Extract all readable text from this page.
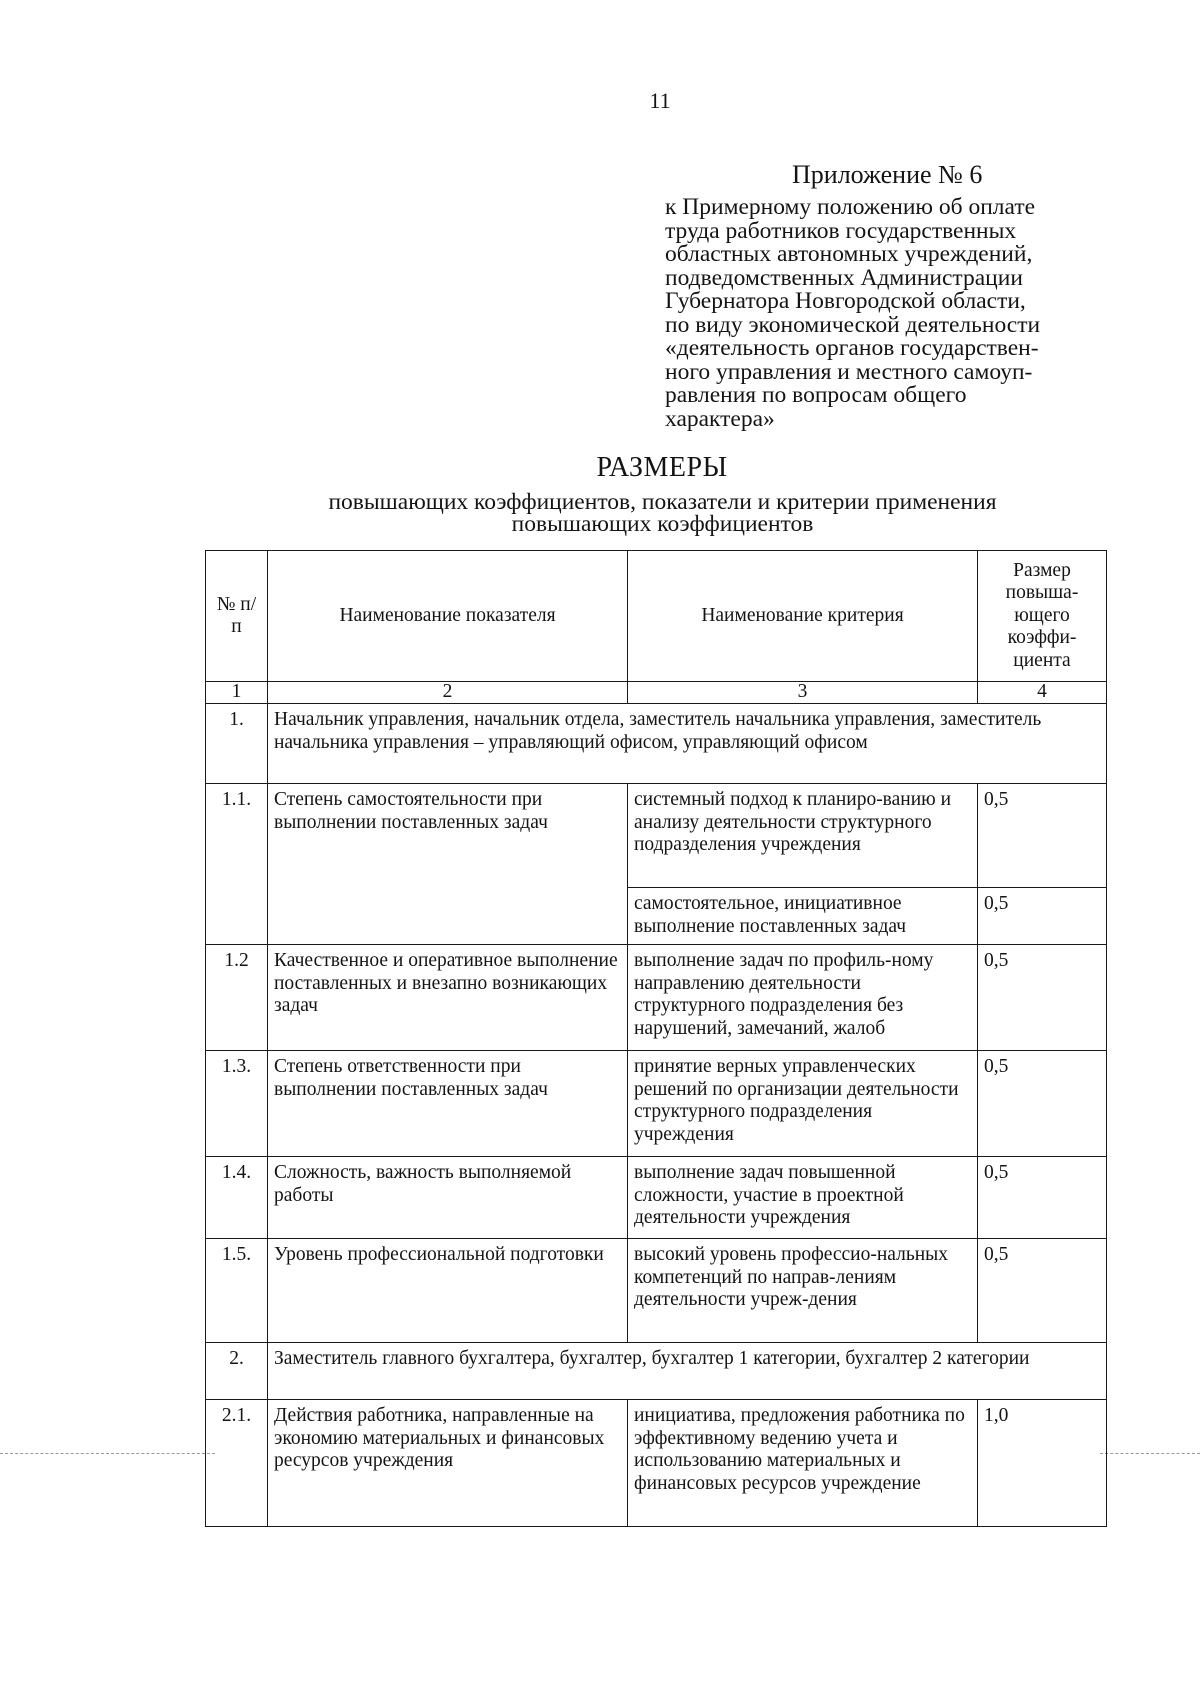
11
Приложение № 6
к Примерному положению об оплате
труда работников государственных
областных автономных учреждений,
подведомственных Администрации
Губернатора Новгородской области,
по виду экономической деятельности
«деятельность органов государствен-
ного управления и местного самоуп-
равления по вопросам общего
характера»
РАЗМЕРЫ
повышающих коэффициентов, показатели и критерии применения повышающих коэффициентов
№ п/п	Наименование показателя	Наименование критерия	Размер повыша-ющего коэффи-циента
1	2	3	4
1.	Начальник управления, начальник отдела, заместитель начальника управления, заместитель начальника управления – управляющий офисом, управляющий офисом		
1.1.	Степень самостоятельности при выполнении поставленных задач	системный подход к планиро-ванию и анализу деятельности структурного подразделения учреждения	0,5
		самостоятельное, инициативное выполнение поставленных задач	0,5
1.2	Качественное и оперативное выполнение поставленных и внезапно возникающих задач	выполнение задач по профиль-ному направлению деятельности структурного подразделения без нарушений, замечаний, жалоб	0,5
1.3.	Степень ответственности при выполнении поставленных задач	принятие верных управленческих решений по организации деятельности структурного подразделения учреждения	0,5
1.4.	Сложность, важность выполняемой работы	выполнение задач повышенной сложности, участие в проектной деятельности учреждения	0,5
1.5.	Уровень профессиональной подготовки	высокий уровень профессио-нальных компетенций по направ-лениям деятельности учреж-дения	0,5
2.	Заместитель главного бухгалтера, бухгалтер, бухгалтер 1 категории, бухгалтер 2 категории		
2.1.	Действия работника, направленные на экономию материальных и финансовых ресурсов учреждения	инициатива, предложения работника по эффективному ведению учета и использованию материальных и финансовых ресурсов учреждение	1,0
